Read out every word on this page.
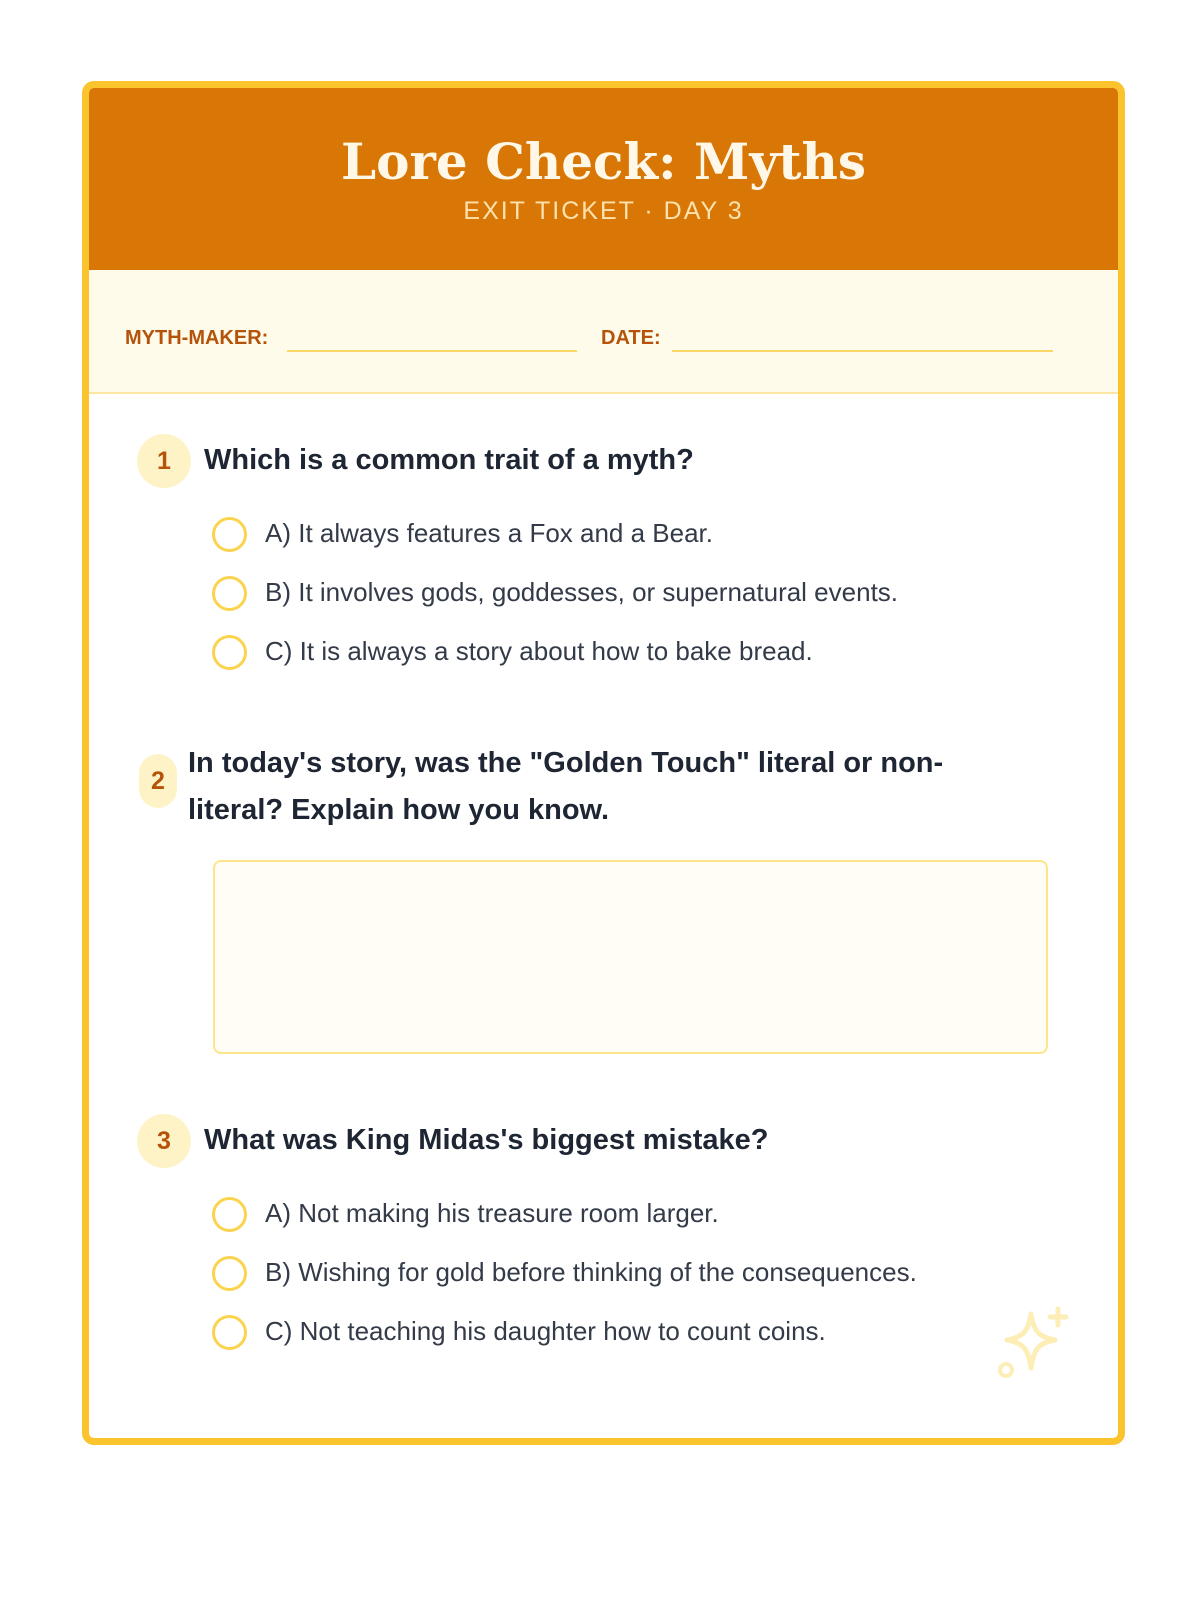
Lore Check: Myths
EXIT TICKET · DAY 3
MYTH-MAKER:	DATE:
1	Which is a common trait of a myth?
A) It always features a Fox and a Bear.
B) It involves gods, goddesses, or supernatural events.
C) It is always a story about how to bake bread.
2
In today's story, was the "Golden Touch" literal or non-literal? Explain how you know.
3	What was King Midas's biggest mistake?
A) Not making his treasure room larger.
B) Wishing for gold before thinking of the consequences.
C) Not teaching his daughter how to count coins.
